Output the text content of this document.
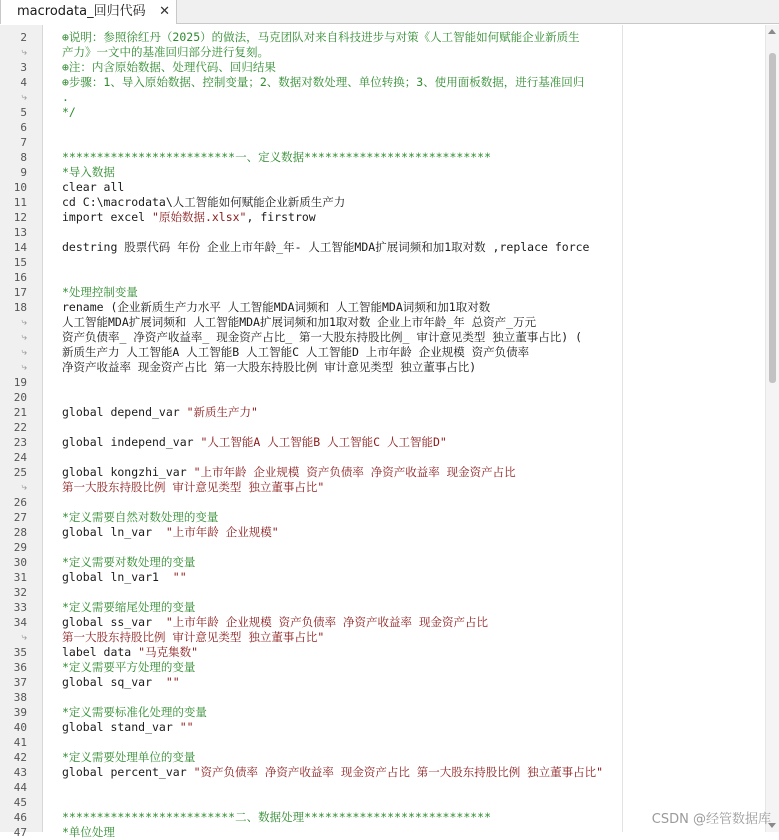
macrodata_回归代码 ✕
2	⊕说明：参照徐红丹（2025）的做法，马克团队对来自科技进步与对策《人工智能如何赋能企业新质生
⤷	产力》一文中的基准回归部分进行复刻。
3	⊕注：内含原始数据、处理代码、回归结果
4	⊕步骤：1、导入原始数据、控制变量；2、数据对数处理、单位转换；3、使用面板数据，进行基准回归
⤷	.
5	*/
6
7
8	*************************一、定义数据***************************
9	*导入数据
10	clear all
11	cd C:\macrodata\人工智能如何赋能企业新质生产力
12	import excel "原始数据.xlsx", firstrow
13
14	destring 股票代码 年份 企业上市年龄_年- 人工智能MDA扩展词频和加1取对数 ,replace force
15
16
17	*处理控制变量
18	rename (企业新质生产力水平 人工智能MDA词频和 人工智能MDA词频和加1取对数
⤷	人工智能MDA扩展词频和 人工智能MDA扩展词频和加1取对数 企业上市年龄_年 总资产_万元
⤷	资产负债率_ 净资产收益率_ 现金资产占比_ 第一大股东持股比例_ 审计意见类型 独立董事占比) (
⤷	新质生产力 人工智能A 人工智能B 人工智能C 人工智能D 上市年龄 企业规模 资产负债率
⤷	净资产收益率 现金资产占比 第一大股东持股比例 审计意见类型 独立董事占比)
19
20
21	global depend_var "新质生产力"
22
23	global independ_var "人工智能A 人工智能B 人工智能C 人工智能D"
24
25	global kongzhi_var "上市年龄 企业规模 资产负债率 净资产收益率 现金资产占比
⤷	第一大股东持股比例 审计意见类型 独立董事占比"
26
27	*定义需要自然对数处理的变量
28	global ln_var  "上市年龄 企业规模"
29
30	*定义需要对数处理的变量
31	global ln_var1  ""
32
33	*定义需要缩尾处理的变量
34	global ss_var  "上市年龄 企业规模 资产负债率 净资产收益率 现金资产占比
⤷	第一大股东持股比例 审计意见类型 独立董事占比"
35	label data "马克集数"
36	*定义需要平方处理的变量
37	global sq_var  ""
38
39	*定义需要标准化处理的变量
40	global stand_var ""
41
42	*定义需要处理单位的变量
43	global percent_var "资产负债率 净资产收益率 现金资产占比 第一大股东持股比例 独立董事占比"
44
45
46	*************************二、数据处理***************************
47	*单位处理
CSDN @经管数据库
